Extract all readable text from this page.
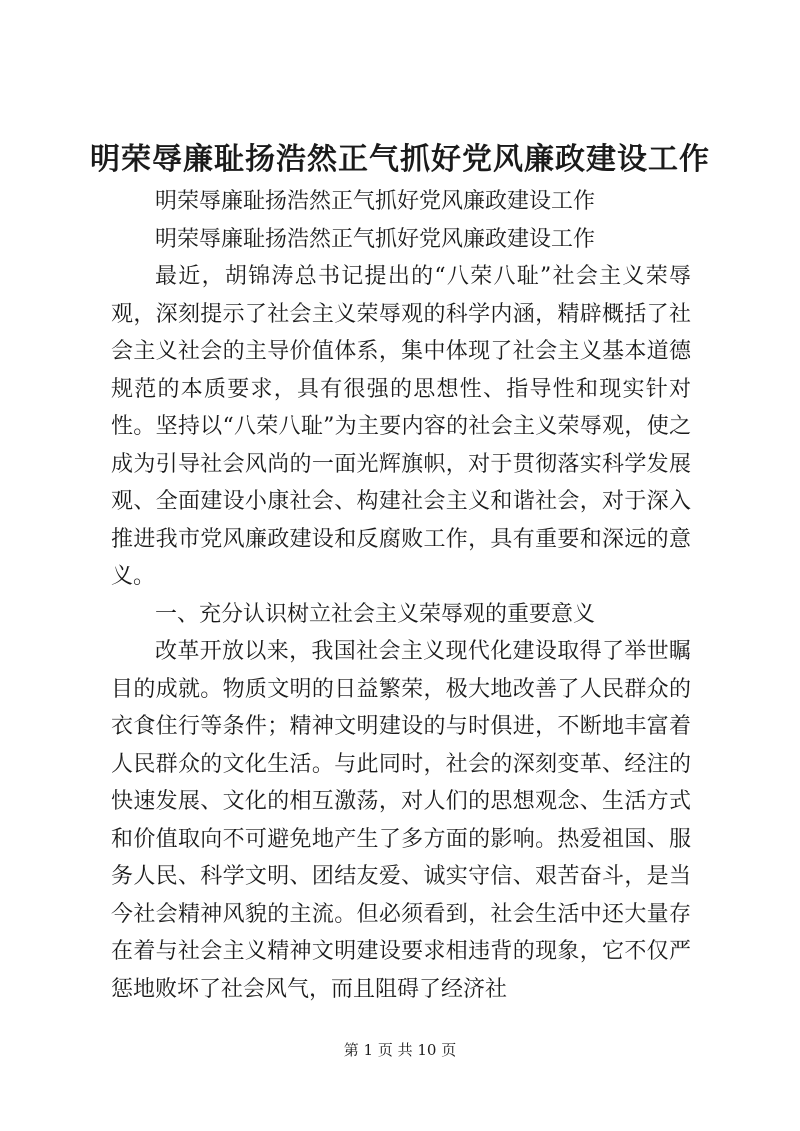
明荣辱廉耻扬浩然正气抓好党风廉政建设工作

明荣辱廉耻扬浩然正气抓好党风廉政建设工作

明荣辱廉耻扬浩然正气抓好党风廉政建设工作

最近，胡锦涛总书记提出的“八荣八耻”社会主义荣辱观，深刻提示了社会主义荣辱观的科学内涵，精辟概括了社会主义社会的主导价值体系，集中体现了社会主义基本道德规范的本质要求，具有很强的思想性、指导性和现实针对性。坚持以“八荣八耻”为主要内容的社会主义荣辱观，使之成为引导社会风尚的一面光辉旗帜，对于贯彻落实科学发展观、全面建设小康社会、构建社会主义和谐社会，对于深入推进我市党风廉政建设和反腐败工作，具有重要和深远的意义。

一、充分认识树立社会主义荣辱观的重要意义

改革开放以来，我国社会主义现代化建设取得了举世瞩目的成就。物质文明的日益繁荣，极大地改善了人民群众的衣食住行等条件；精神文明建设的与时俱进，不断地丰富着人民群众的文化生活。与此同时，社会的深刻变革、经注的快速发展、文化的相互激荡，对人们的思想观念、生活方式和价值取向不可避免地产生了多方面的影响。热爱祖国、服务人民、科学文明、团结友爱、诚实守信、艰苦奋斗，是当今社会精神风貌的主流。但必须看到，社会生活中还大量存在着与社会主义精神文明建设要求相违背的现象，它不仅严惩地败坏了社会风气，而且阻碍了经济社

第 1 页 共 10 页
